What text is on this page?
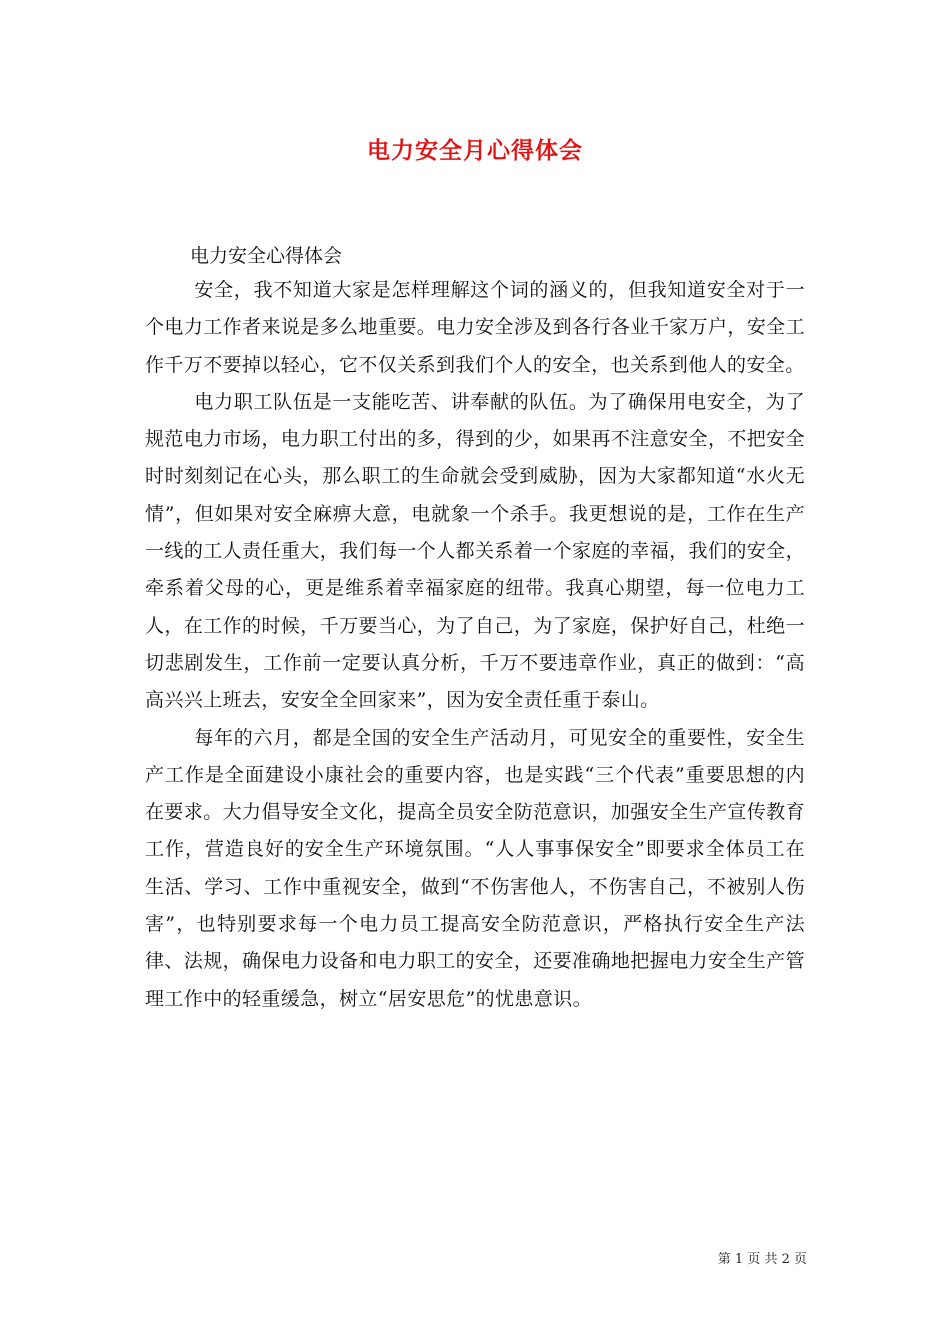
电力安全月心得体会
电力安全心得体会

安全，我不知道大家是怎样理解这个词的涵义的，但我知道安全对于一个电力工作者来说是多么地重要。电力安全涉及到各行各业千家万户，安全工作千万不要掉以轻心，它不仅关系到我们个人的安全，也关系到他人的安全。

电力职工队伍是一支能吃苦、讲奉献的队伍。为了确保用电安全，为了规范电力市场，电力职工付出的多，得到的少，如果再不注意安全，不把安全时时刻刻记在心头，那么职工的生命就会受到威胁，因为大家都知道“水火无情”，但如果对安全麻痹大意，电就象一个杀手。我更想说的是，工作在生产一线的工人责任重大，我们每一个人都关系着一个家庭的幸福，我们的安全，牵系着父母的心，更是维系着幸福家庭的纽带。我真心期望，每一位电力工人，在工作的时候，千万要当心，为了自己，为了家庭，保护好自己，杜绝一切悲剧发生，工作前一定要认真分析，千万不要违章作业，真正的做到：“高高兴兴上班去，安安全全回家来”，因为安全责任重于泰山。

每年的六月，都是全国的安全生产活动月，可见安全的重要性，安全生产工作是全面建设小康社会的重要内容，也是实践“三个代表”重要思想的内在要求。大力倡导安全文化，提高全员安全防范意识，加强安全生产宣传教育工作，营造良好的安全生产环境氛围。“人人事事保安全”即要求全体员工在生活、学习、工作中重视安全，做到“不伤害他人，不伤害自己，不被别人伤害”，也特别要求每一个电力员工提高安全防范意识，严格执行安全生产法律、法规，确保电力设备和电力职工的安全，还要准确地把握电力安全生产管理工作中的轻重缓急，树立“居安思危”的忧患意识。

第 1 页 共 2 页
